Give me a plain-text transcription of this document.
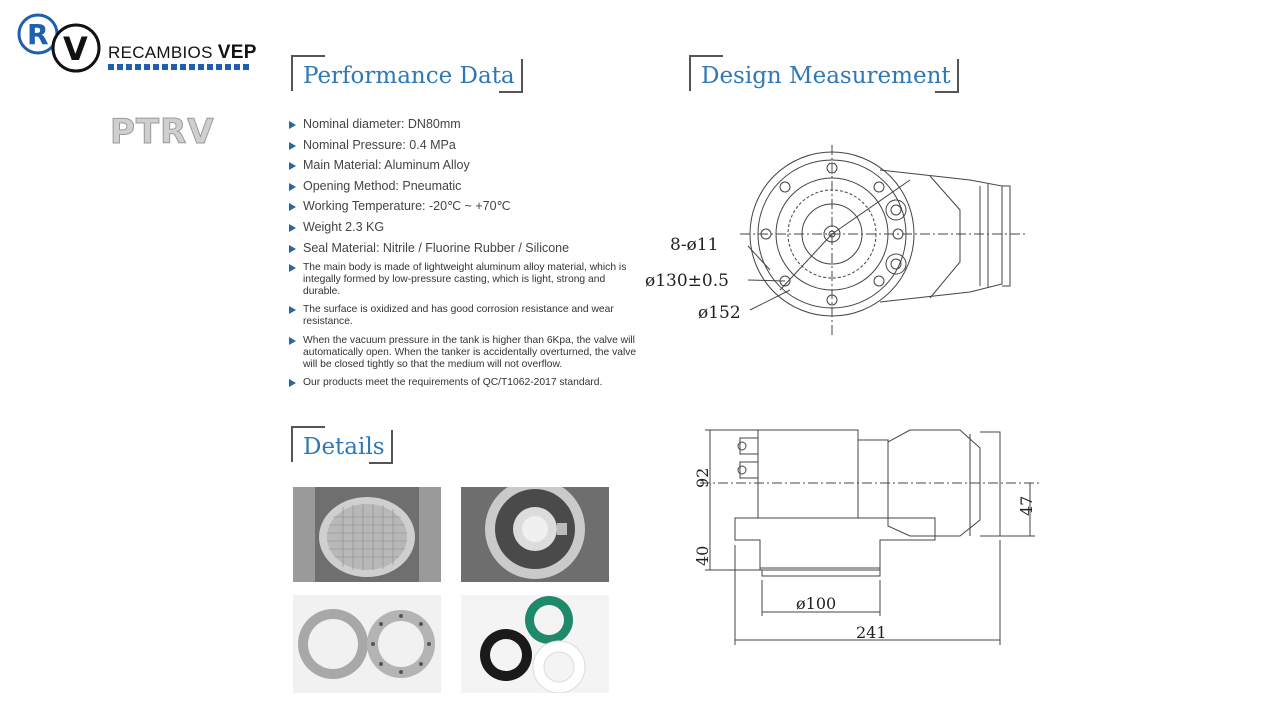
R V RECAMBIOS VEP
PTRV
Performance Data
Nominal diameter: DN80mm
Nominal Pressure: 0.4 MPa
Main Material: Aluminum Alloy
Opening Method: Pneumatic
Working Temperature: -20℃ ~ +70℃
Weight 2.3 KG
Seal Material: Nitrile / Fluorine Rubber / Silicone
The main body is made of lightweight aluminum alloy material, which is integally formed by low-pressure casting, which is light, strong and durable.
The surface is oxidized and has good corrosion resistance and wear resistance.
When the vacuum pressure in the tank is higher than 6Kpa, the valve will automatically open. When the tanker is accidentally overturned, the valve will be closed tightly so that the medium will not overflow.
Our products meet the requirements of QC/T1062-2017 standard.
Details
Design Measurement
8-ø11
ø130±0.5
ø152
92
40
47
ø100
241
